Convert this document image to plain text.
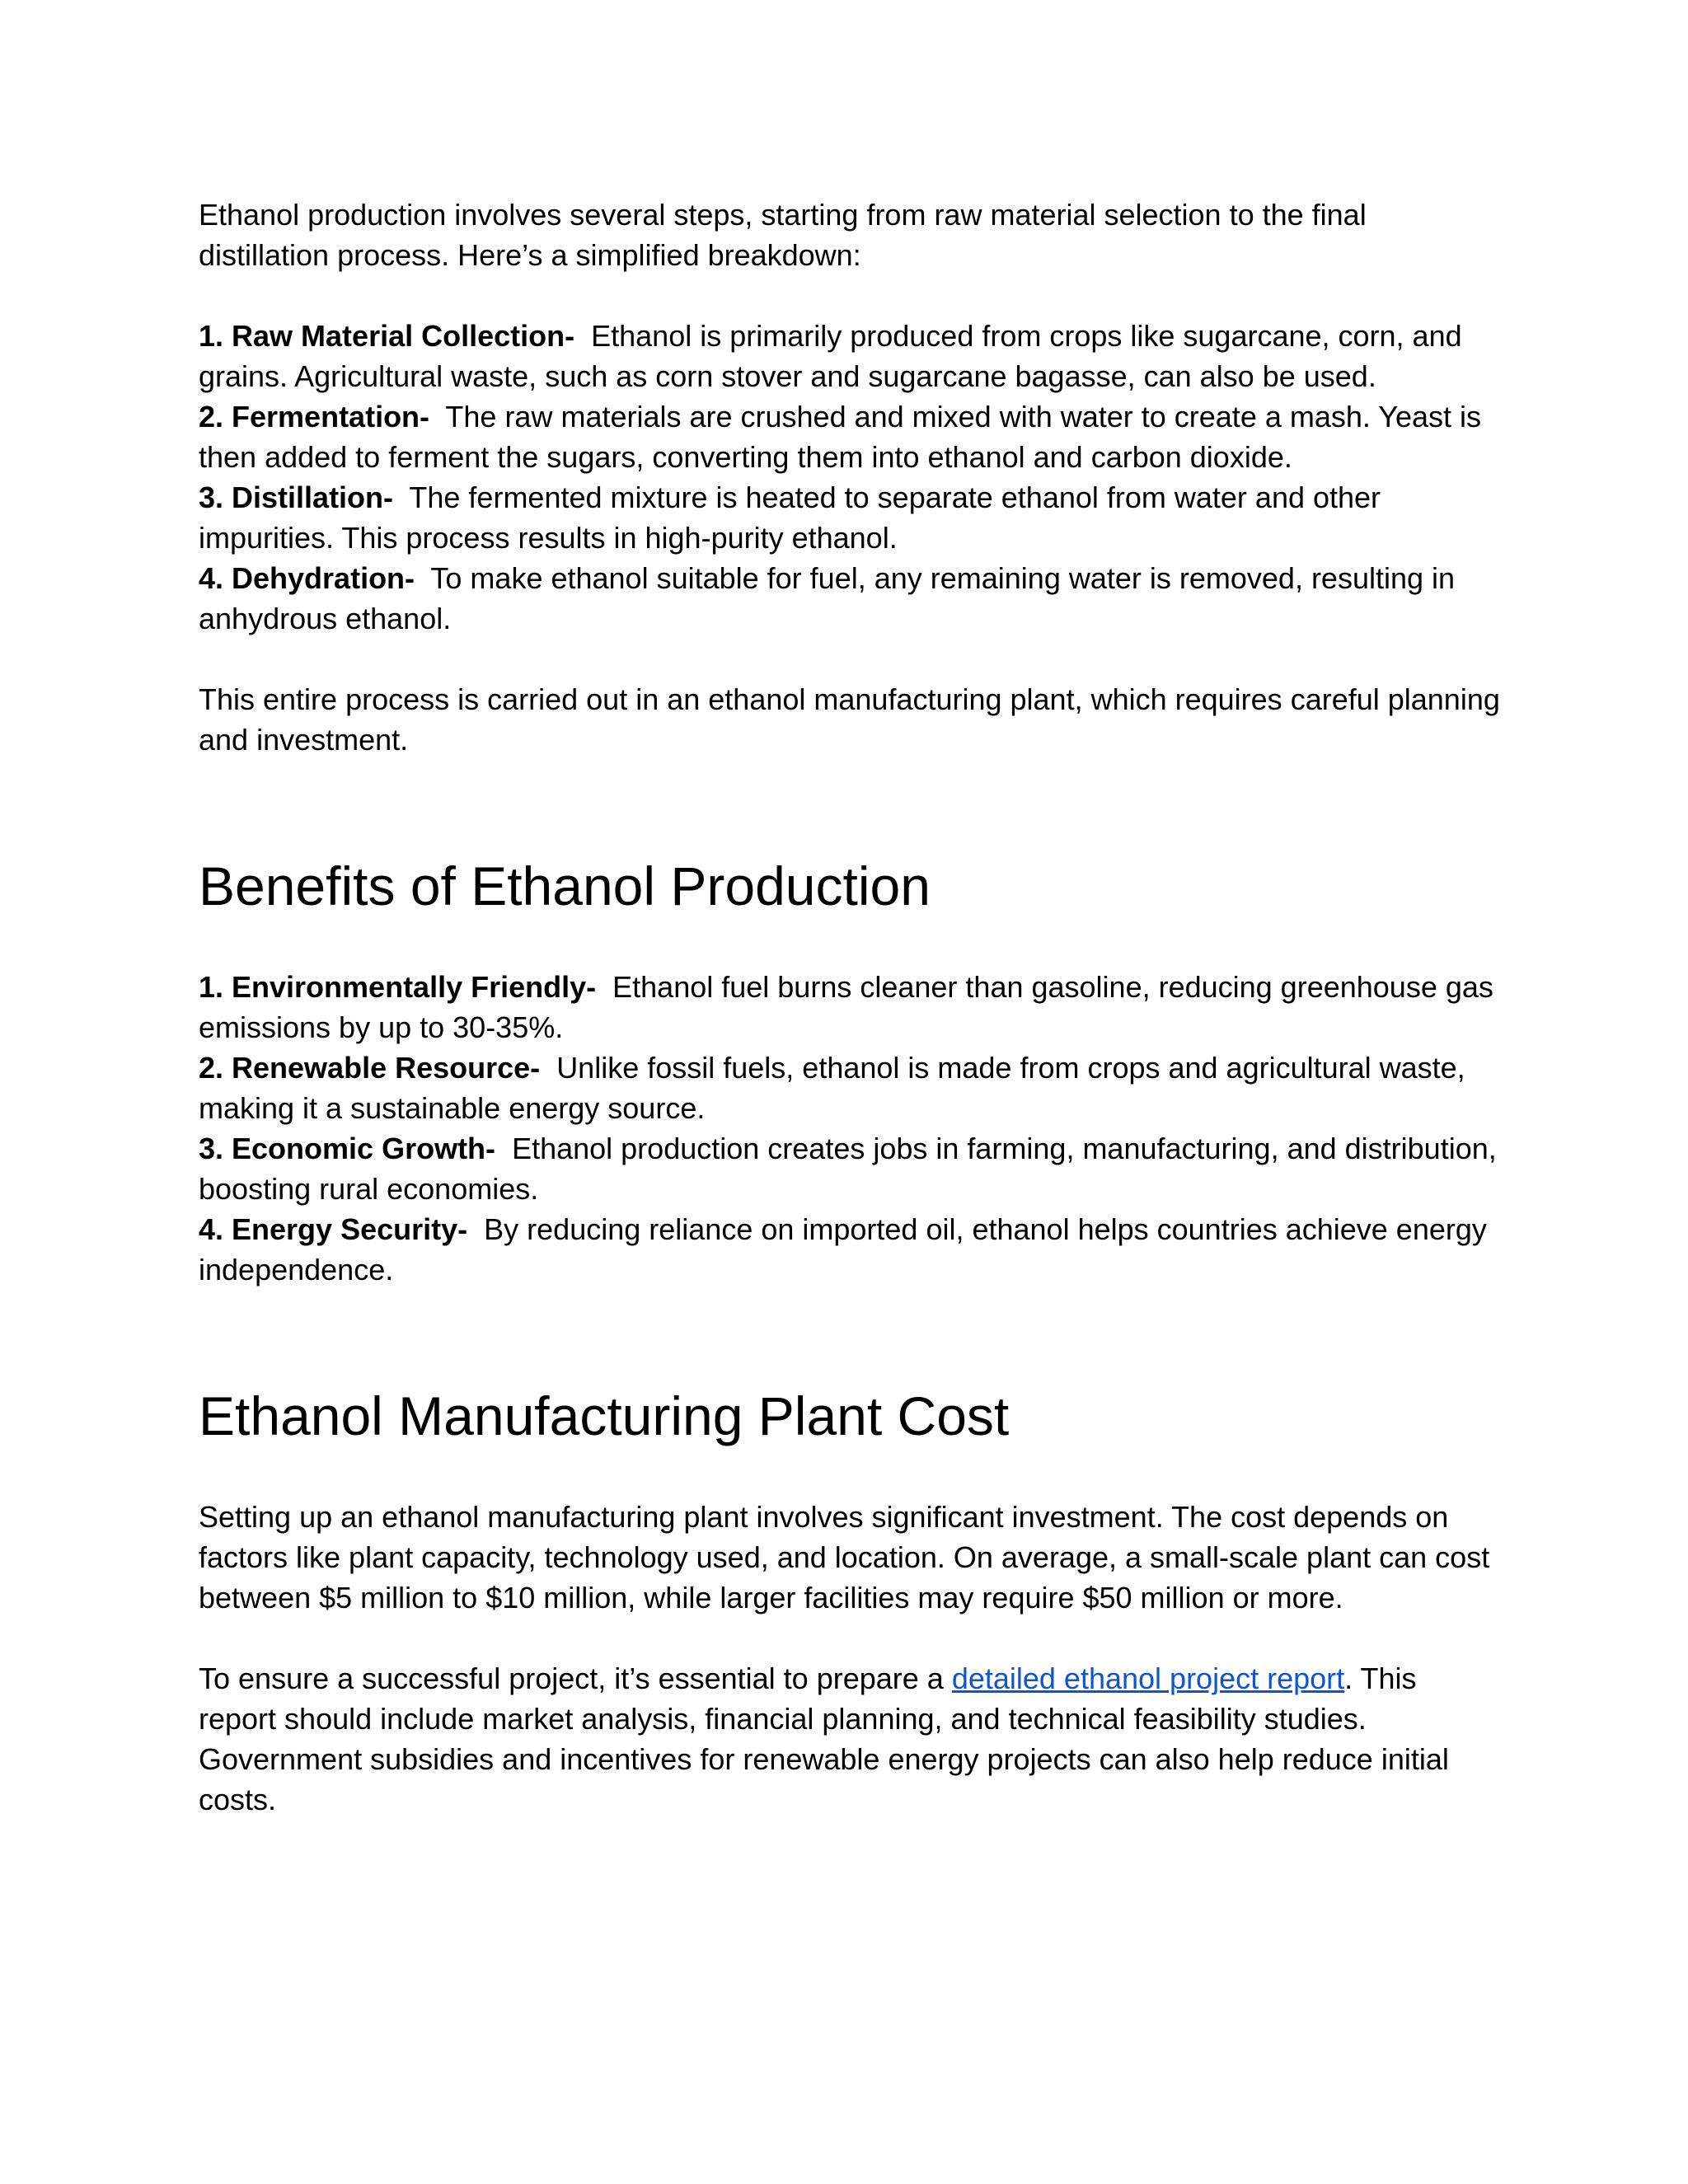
Ethanol production involves several steps, starting from raw material selection to the final distillation process. Here’s a simplified breakdown:

1. Raw Material Collection- Ethanol is primarily produced from crops like sugarcane, corn, and grains. Agricultural waste, such as corn stover and sugarcane bagasse, can also be used.

2. Fermentation- The raw materials are crushed and mixed with water to create a mash. Yeast is then added to ferment the sugars, converting them into ethanol and carbon dioxide.

3. Distillation- The fermented mixture is heated to separate ethanol from water and other impurities. This process results in high-purity ethanol.

4. Dehydration- To make ethanol suitable for fuel, any remaining water is removed, resulting in anhydrous ethanol.

This entire process is carried out in an ethanol manufacturing plant, which requires careful planning and investment.

Benefits of Ethanol Production

1. Environmentally Friendly- Ethanol fuel burns cleaner than gasoline, reducing greenhouse gas emissions by up to 30-35%.

2. Renewable Resource- Unlike fossil fuels, ethanol is made from crops and agricultural waste, making it a sustainable energy source.

3. Economic Growth- Ethanol production creates jobs in farming, manufacturing, and distribution, boosting rural economies.

4. Energy Security- By reducing reliance on imported oil, ethanol helps countries achieve energy independence.

Ethanol Manufacturing Plant Cost

Setting up an ethanol manufacturing plant involves significant investment. The cost depends on factors like plant capacity, technology used, and location. On average, a small-scale plant can cost between $5 million to $10 million, while larger facilities may require $50 million or more.

To ensure a successful project, it’s essential to prepare a detailed ethanol project report. This report should include market analysis, financial planning, and technical feasibility studies. Government subsidies and incentives for renewable energy projects can also help reduce initial costs.
